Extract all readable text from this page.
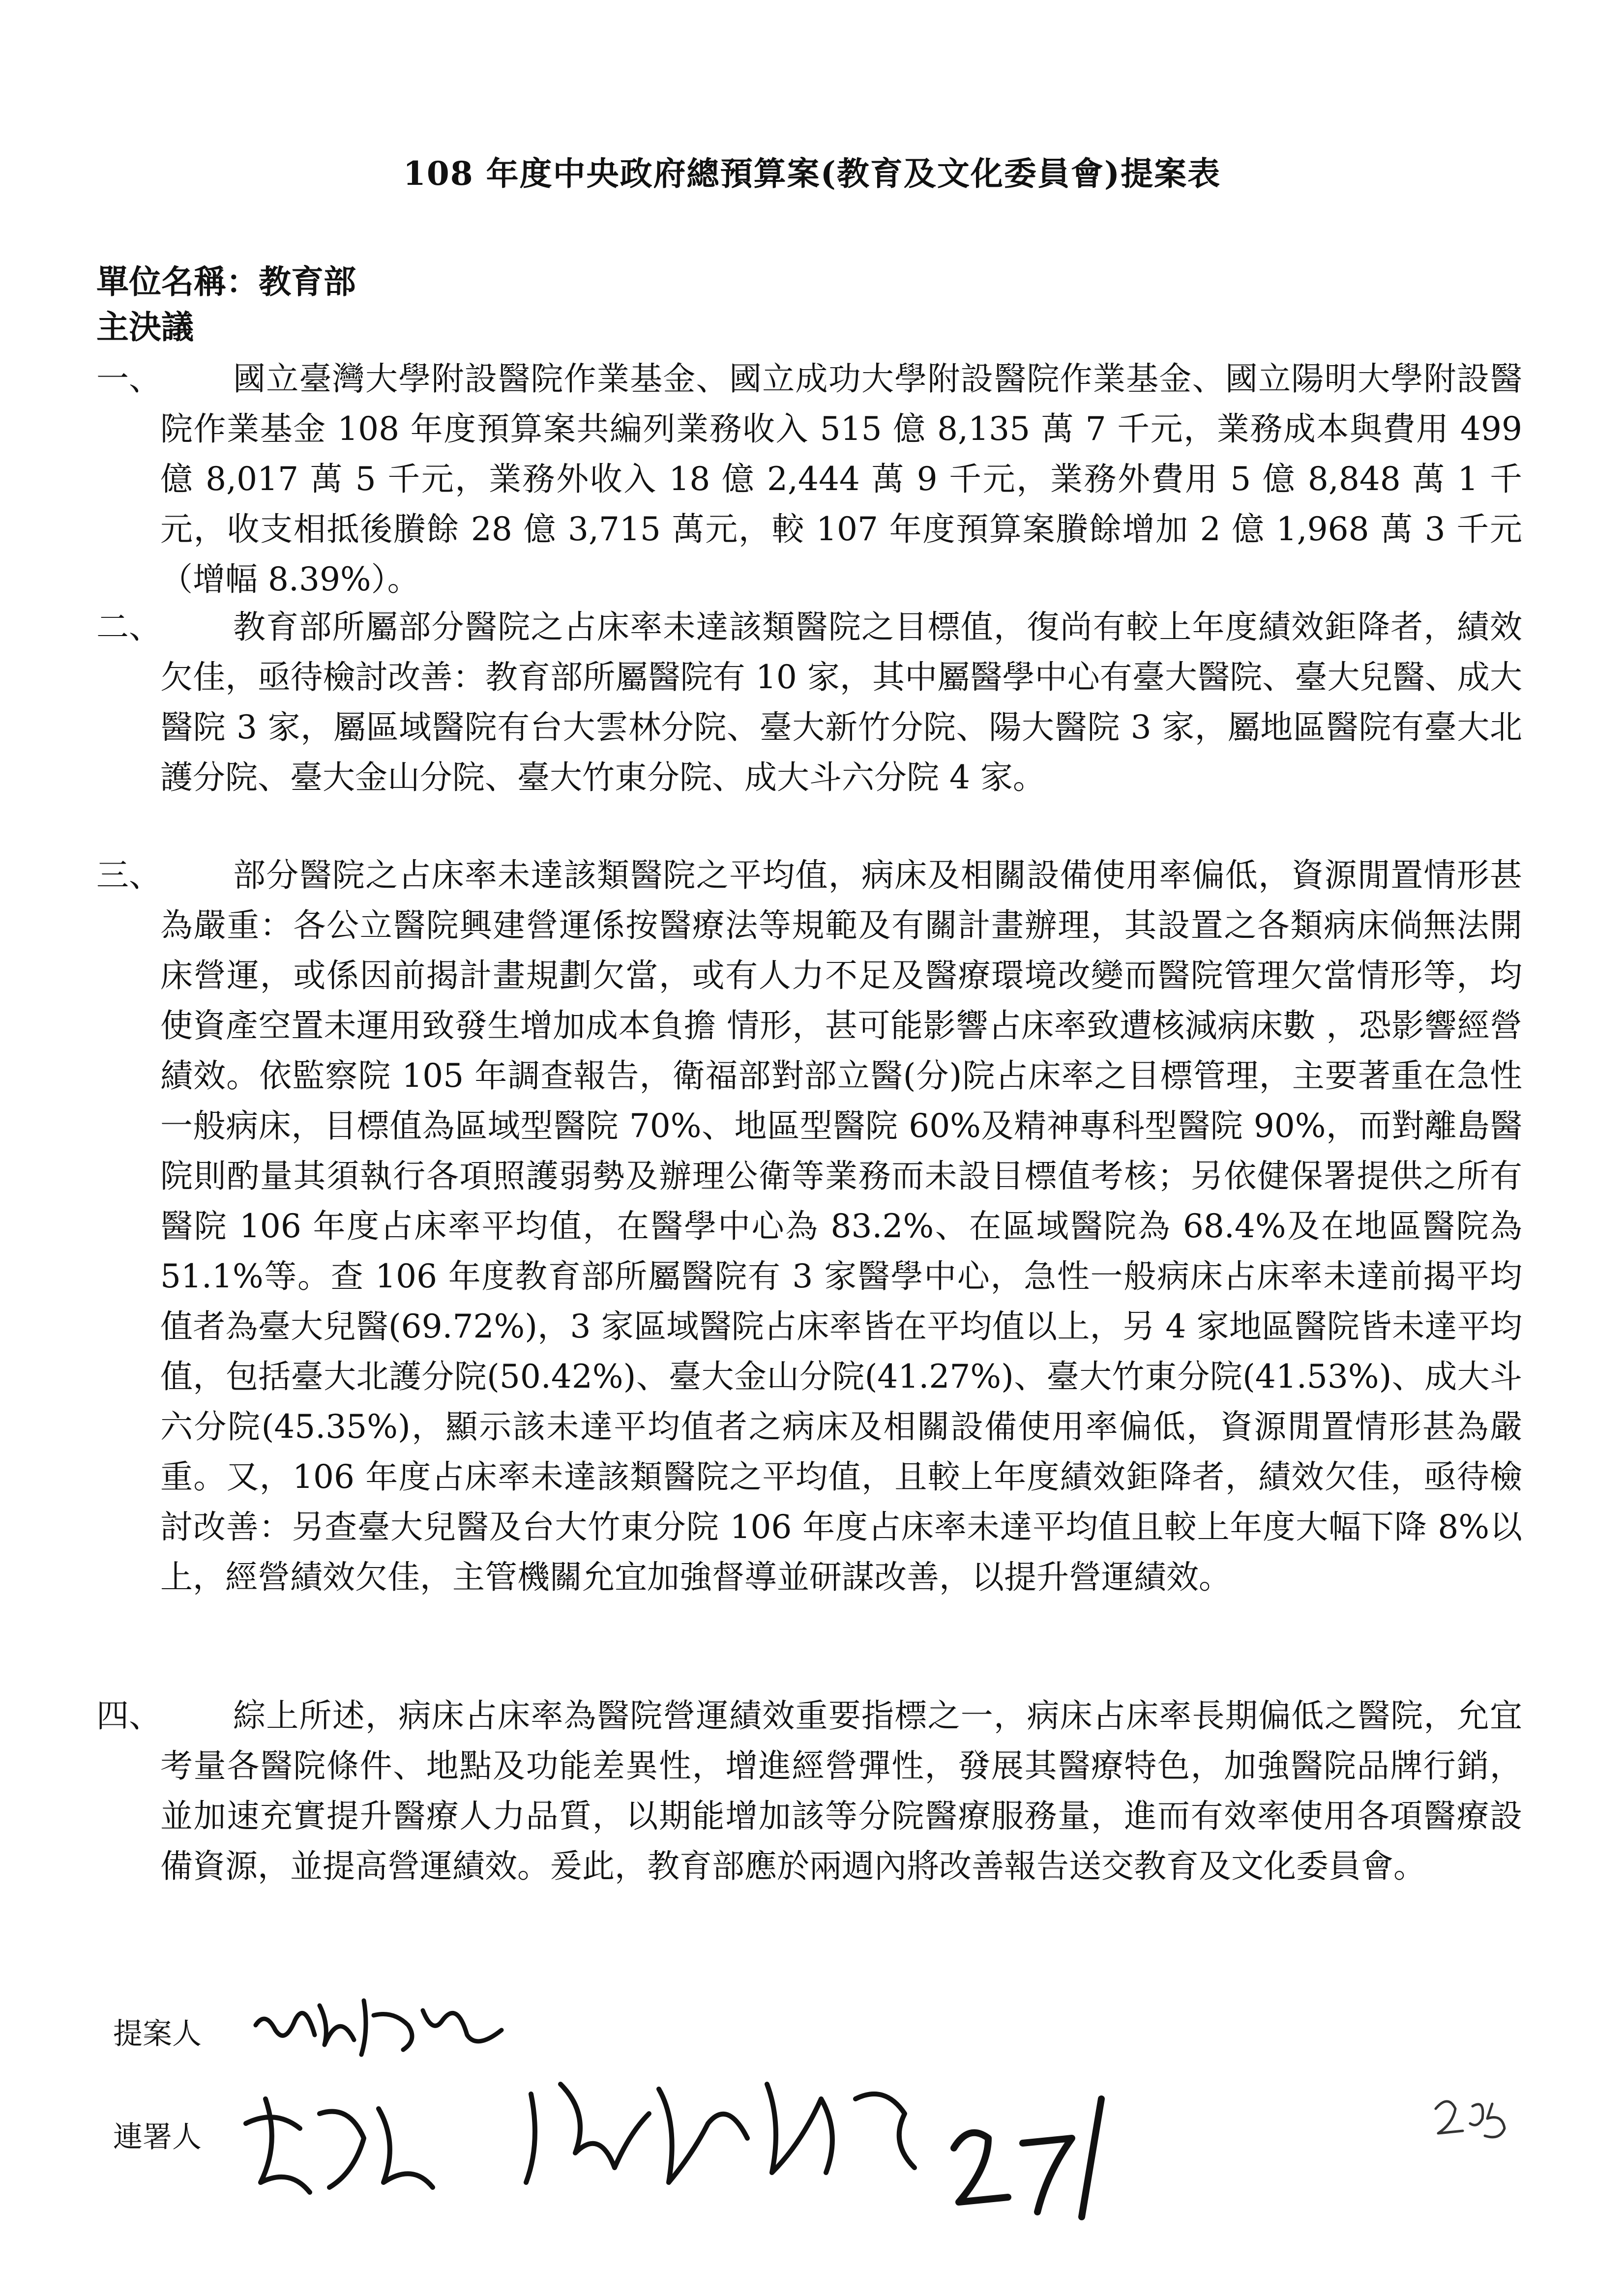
108 年度中央政府總預算案(教育及文化委員會)提案表
單位名稱：教育部
主決議
一、	國立臺灣大學附設醫院作業基金、國立成功大學附設醫院作業基金、國立陽明大學附設醫院作業基金 108 年度預算案共編列業務收入 515 億 8,135 萬 7 千元，業務成本與費用 499 億 8,017 萬 5 千元，業務外收入 18 億 2,444 萬 9 千元，業務外費用 5 億 8,848 萬 1 千元，收支相抵後賸餘 28 億 3,715 萬元，較 107 年度預算案賸餘增加 2 億 1,968 萬 3 千元（增幅 8.39%）。
二、	教育部所屬部分醫院之占床率未達該類醫院之目標值，復尚有較上年度績效鉅降者，績效欠佳，亟待檢討改善：教育部所屬醫院有 10 家，其中屬醫學中心有臺大醫院、臺大兒醫、成大醫院 3 家，屬區域醫院有台大雲林分院、臺大新竹分院、陽大醫院 3 家，屬地區醫院有臺大北護分院、臺大金山分院、臺大竹東分院、成大斗六分院 4 家。
三、	部分醫院之占床率未達該類醫院之平均值，病床及相關設備使用率偏低，資源閒置情形甚為嚴重：各公立醫院興建營運係按醫療法等規範及有關計畫辦理，其設置之各類病床倘無法開床營運，或係因前揭計畫規劃欠當，或有人力不足及醫療環境改變而醫院管理欠當情形等，均使資產空置未運用致發生增加成本負擔 情形，甚可能影響占床率致遭核減病床數 ，恐影響經營績效。依監察院 105 年調查報告，衛福部對部立醫(分)院占床率之目標管理，主要著重在急性一般病床，目標值為區域型醫院 70%、地區型醫院 60%及精神專科型醫院 90%，而對離島醫院則酌量其須執行各項照護弱勢及辦理公衛等業務而未設目標值考核；另依健保署提供之所有醫院 106 年度占床率平均值，在醫學中心為 83.2%、在區域醫院為 68.4%及在地區醫院為 51.1%等。查 106 年度教育部所屬醫院有 3 家醫學中心，急性一般病床占床率未達前揭平均值者為臺大兒醫(69.72%)，3 家區域醫院占床率皆在平均值以上，另 4 家地區醫院皆未達平均值，包括臺大北護分院(50.42%)、臺大金山分院(41.27%)、臺大竹東分院(41.53%)、成大斗六分院(45.35%)，顯示該未達平均值者之病床及相關設備使用率偏低，資源閒置情形甚為嚴重。又，106 年度占床率未達該類醫院之平均值，且較上年度績效鉅降者，績效欠佳，亟待檢討改善：另查臺大兒醫及台大竹東分院 106 年度占床率未達平均值且較上年度大幅下降 8%以上，經營績效欠佳，主管機關允宜加強督導並研謀改善，以提升營運績效。
四、	綜上所述，病床占床率為醫院營運績效重要指標之一，病床占床率長期偏低之醫院，允宜考量各醫院條件、地點及功能差異性，增進經營彈性，發展其醫療特色，加強醫院品牌行銷，並加速充實提升醫療人力品質，以期能增加該等分院醫療服務量，進而有效率使用各項醫療設備資源，並提高營運績效。爰此，教育部應於兩週內將改善報告送交教育及文化委員會。
提案人
連署人
